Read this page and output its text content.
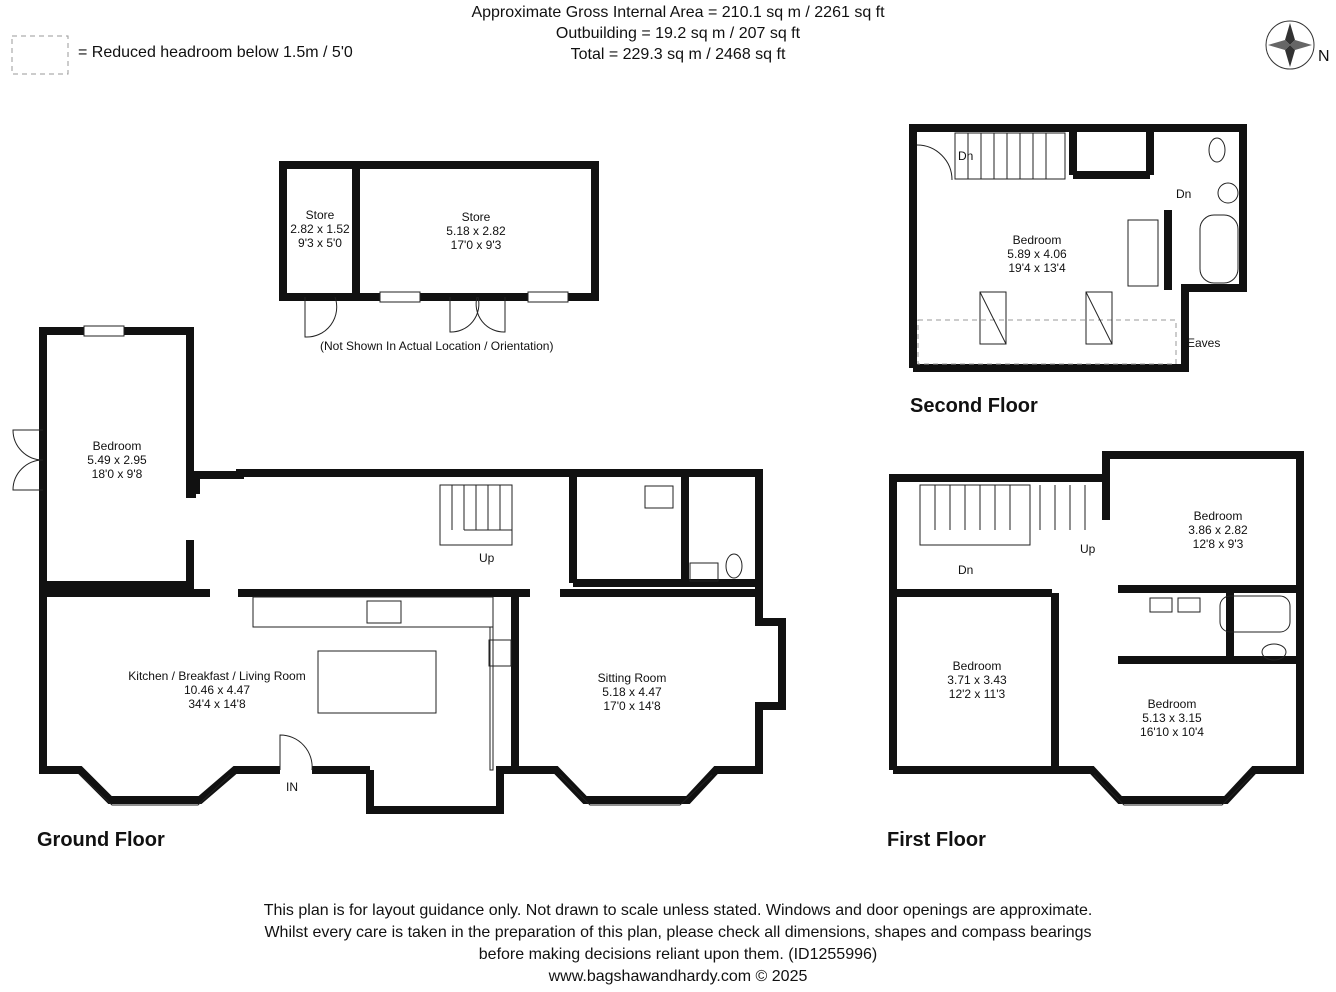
Approximate Gross Internal Area = 210.1 sq m / 2261 sq ft
Outbuilding = 19.2 sq m / 207 sq ft
Total = 229.3 sq m / 2468 sq ft
= Reduced headroom below 1.5m / 5'0	N
Store
2.82 x 1.52
9'3 x 5'0
Store
5.18 x 2.82
17'0 x 9'3
(Not Shown In Actual Location / Orientation)
Bedroom
5.49 x 2.95
18'0 x 9'8
Kitchen / Breakfast / Living Room
10.46 x 4.47
34'4 x 14'8
Sitting Room
5.18 x 4.47
17'0 x 14'8
Up
IN
Ground Floor
Bedroom
3.86 x 2.82
12'8 x 9'3
Bedroom
3.71 x 3.43
12'2 x 11'3
Bedroom
5.13 x 3.15
16'10 x 10'4
Dn
Up
First Floor
Bedroom
5.89 x 4.06
19'4 x 13'4
Dn
Dn
Eaves
Second Floor
This plan is for layout guidance only. Not drawn to scale unless stated. Windows and door openings are approximate.
Whilst every care is taken in the preparation of this plan, please check all dimensions, shapes and compass bearings
before making decisions reliant upon them. (ID1255996)
www.bagshawandhardy.com © 2025
